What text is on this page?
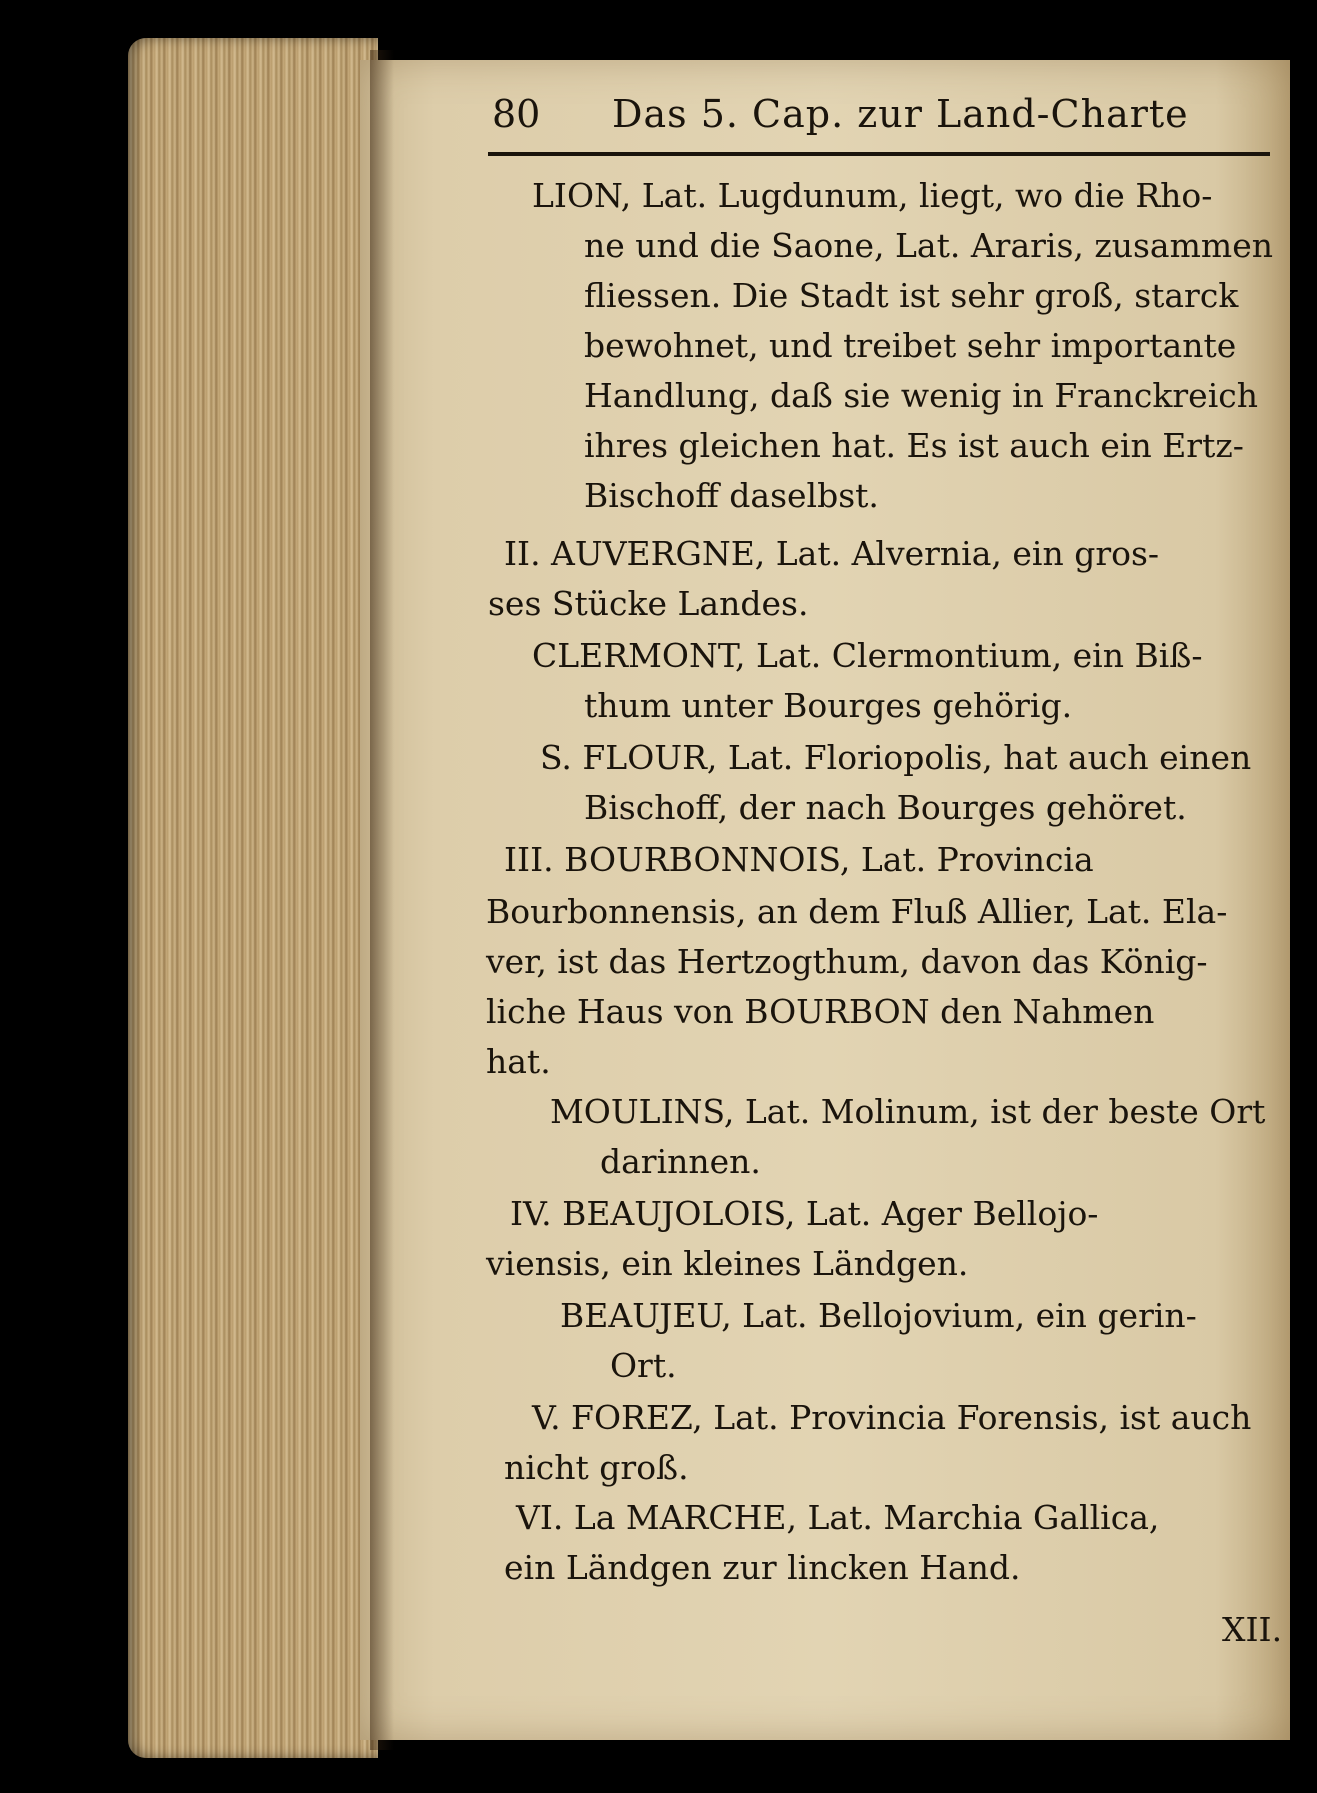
80 Das 5. Cap. zur Land-Charte
LION, Lat. Lugdunum, liegt, wo die Rho-
ne und die Saone, Lat. Araris, zusammen
fliessen. Die Stadt ist sehr groß, starck
bewohnet, und treibet sehr importante
Handlung, daß sie wenig in Franckreich
ihres gleichen hat. Es ist auch ein Ertz-
Bischoff daselbst.
II. AUVERGNE, Lat. Alvernia, ein gros-
ses Stücke Landes.
CLERMONT, Lat. Clermontium, ein Biß-
thum unter Bourges gehörig.
S. FLOUR, Lat. Floriopolis, hat auch einen
Bischoff, der nach Bourges gehöret.
III. BOURBONNOIS, Lat. Provincia
Bourbonnensis, an dem Fluß Allier, Lat. Ela-
ver, ist das Hertzogthum, davon das König-
liche Haus von BOURBON den Nahmen
hat.
MOULINS, Lat. Molinum, ist der beste Ort
darinnen.
IV. BEAUJOLOIS, Lat. Ager Bellojo-
viensis, ein kleines Ländgen.
BEAUJEU, Lat. Bellojovium, ein gerin-
Ort.
V. FOREZ, Lat. Provincia Forensis, ist auch
nicht groß.
VI. La MARCHE, Lat. Marchia Gallica,
ein Ländgen zur lincken Hand.
XII.
